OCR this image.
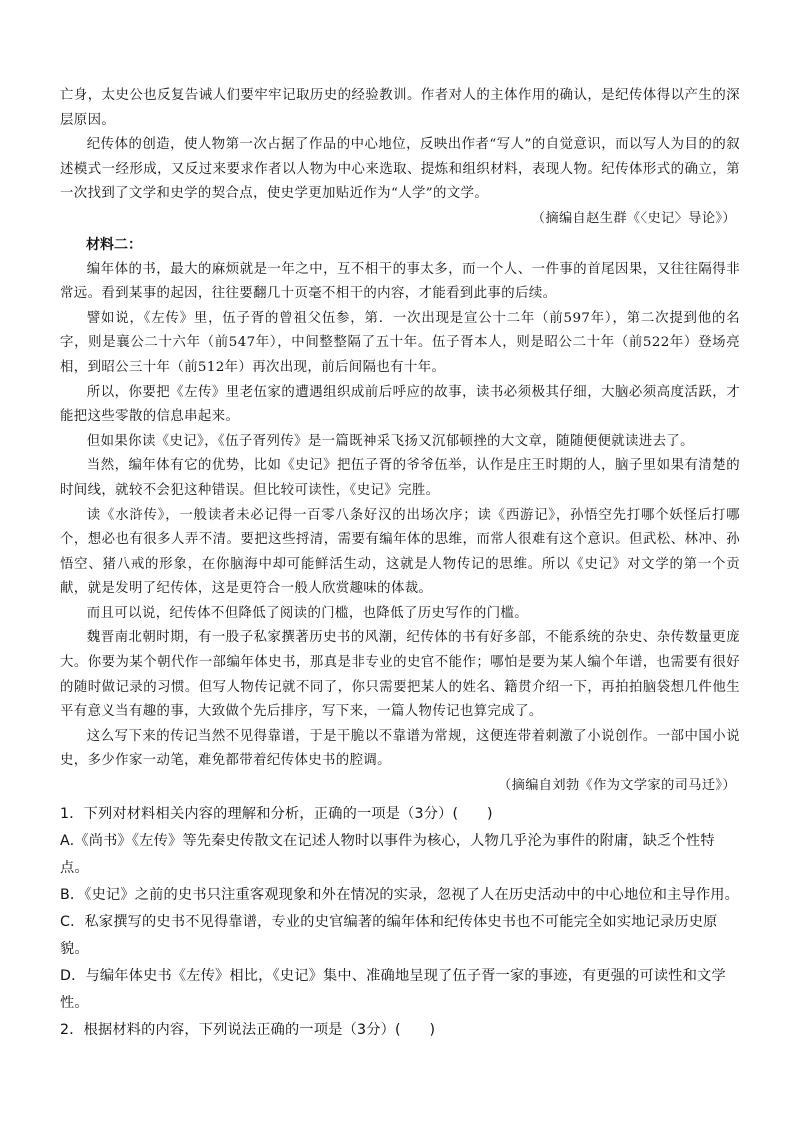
亡身，太史公也反复告诫人们要牢牢记取历史的经验教训。作者对人的主体作用的确认，是纪传体得以产生的深层原因。

纪传体的创造，使人物第一次占据了作品的中心地位，反映出作者“写人”的自觉意识，而以写人为目的的叙述模式一经形成，又反过来要求作者以人物为中心来选取、提炼和组织材料，表现人物。纪传体形式的确立，第一次找到了文学和史学的契合点，使史学更加贴近作为“人学”的文学。

（摘编自赵生群《〈史记〉导论》）

材料二：

编年体的书，最大的麻烦就是一年之中，互不相干的事太多，而一个人、一件事的首尾因果，又往往隔得非常远。看到某事的起因，往往要翻几十页毫不相干的内容，才能看到此事的后续。

譬如说，《左传》里，伍子胥的曾祖父伍参，第．一次出现是宣公十二年（前597年），第二次提到他的名字，则是襄公二十六年（前547年），中间整整隔了五十年。伍子胥本人，则是昭公二十年（前522年）登场亮相，到昭公三十年（前512年）再次出现，前后间隔也有十年。

所以，你要把《左传》里老伍家的遭遇组织成前后呼应的故事，读书必须极其仔细，大脑必须高度活跃，才能把这些零散的信息串起来。

但如果你读《史记》，《伍子胥列传》是一篇既神采飞扬又沉郁顿挫的大文章，随随便便就读进去了。

当然，编年体有它的优势，比如《史记》把伍子胥的爷爷伍举，认作是庄王时期的人，脑子里如果有清楚的时间线，就较不会犯这种错误。但比较可读性，《史记》完胜。

读《水浒传》，一般读者未必记得一百零八条好汉的出场次序；读《西游记》，孙悟空先打哪个妖怪后打哪个，想必也有很多人弄不清。要把这些捋清，需要有编年体的思维，而常人很难有这个意识。但武松、林冲、孙悟空、猪八戒的形象，在你脑海中却可能鲜活生动，这就是人物传记的思维。所以《史记》对文学的第一个贡献，就是发明了纪传体，这是更符合一般人欣赏趣味的体裁。

而且可以说，纪传体不但降低了阅读的门槛，也降低了历史写作的门槛。

魏晋南北朝时期，有一股子私家撰著历史书的风潮，纪传体的书有好多部，不能系统的杂史、杂传数量更庞大。你要为某个朝代作一部编年体史书，那真是非专业的史官不能作；哪怕是要为某人编个年谱，也需要有很好的随时做记录的习惯。但写人物传记就不同了，你只需要把某人的姓名、籍贯介绍一下，再拍拍脑袋想几件他生平有意义当有趣的事，大致做个先后排序，写下来，一篇人物传记也算完成了。

这么写下来的传记当然不见得靠谱，于是干脆以不靠谱为常规，这便连带着刺激了小说创作。一部中国小说史，多少作家一动笔，难免都带着纪传体史书的腔调。

（摘编自刘勃《作为文学家的司马迁》）

1．下列对材料相关内容的理解和分析，正确的一项是（3分）(　　)

A.《尚书》《左传》等先秦史传散文在记述人物时以事件为核心，人物几乎沦为事件的附庸，缺乏个性特点。

B．《史记》之前的史书只注重客观现象和外在情况的实录，忽视了人在历史活动中的中心地位和主导作用。

C．私家撰写的史书不见得靠谱，专业的史官编著的编年体和纪传体史书也不可能完全如实地记录历史原貌。

D．与编年体史书《左传》相比，《史记》集中、准确地呈现了伍子胥一家的事迹，有更强的可读性和文学性。

2．根据材料的内容，下列说法正确的一项是（3分）(　　)
